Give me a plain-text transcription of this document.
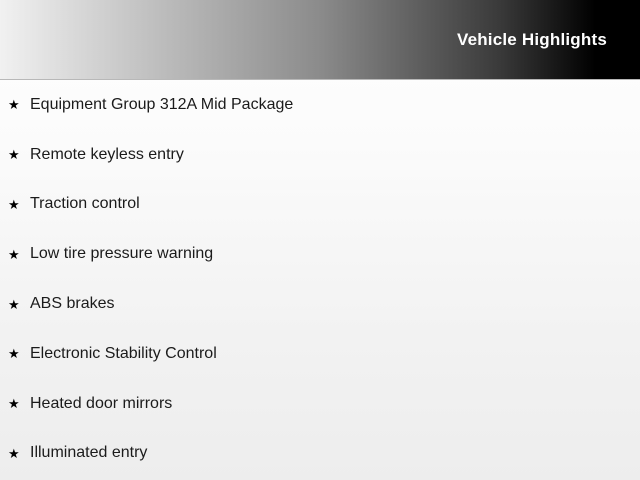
Vehicle Highlights
★ Equipment Group 312A Mid Package
★ Remote keyless entry
★ Traction control
★ Low tire pressure warning
★ ABS brakes
★ Electronic Stability Control
★ Heated door mirrors
★ Illuminated entry
